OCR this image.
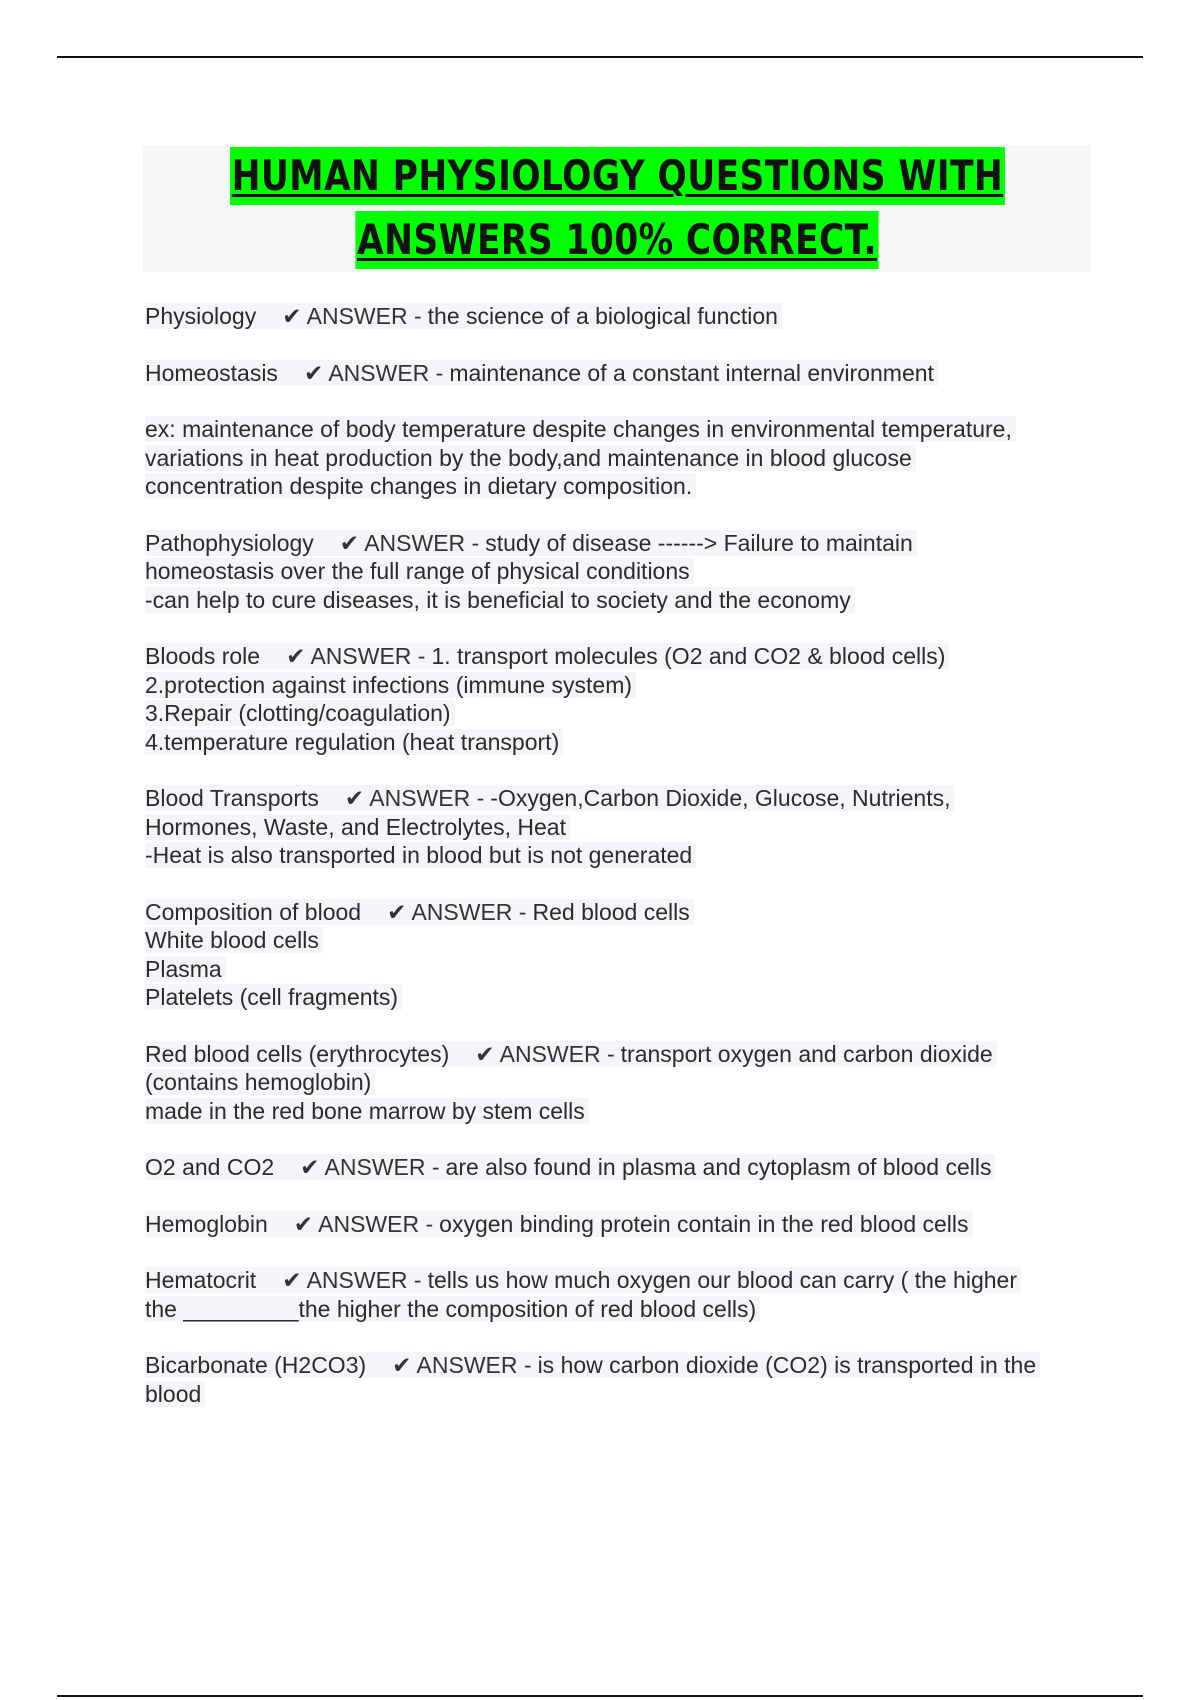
HUMAN PHYSIOLOGY QUESTIONS WITH
ANSWERS 100% CORRECT.
Physiology ✔ ANSWER -the science of a biological function
Homeostasis ✔ ANSWER -maintenance of a constant internal environment
ex: maintenance of body temperature despite changes in environmental temperature,
variations in heat production by the body,and maintenance in blood glucose
concentration despite changes in dietary composition.
Pathophysiology ✔ ANSWER -study of disease ------> Failure to maintain
homeostasis over the full range of physical conditions
-can help to cure diseases, it is beneficial to society and the economy
Bloods role ✔ ANSWER -1. transport molecules (O2 and CO2 & blood cells)
2.protection against infections (immune system)
3.Repair (clotting/coagulation)
4.temperature regulation (heat transport)
Blood Transports ✔ ANSWER --Oxygen,Carbon Dioxide, Glucose, Nutrients,
Hormones, Waste, and Electrolytes, Heat
-Heat is also transported in blood but is not generated
Composition of blood ✔ ANSWER -Red blood cells
White blood cells
Plasma
Platelets (cell fragments)
Red blood cells (erythrocytes) ✔ ANSWER -transport oxygen and carbon dioxide
(contains hemoglobin)
made in the red bone marrow by stem cells
O2 and CO2 ✔ ANSWER -are also found in plasma and cytoplasm of blood cells
Hemoglobin ✔ ANSWER -oxygen binding protein contain in the red blood cells
Hematocrit ✔ ANSWER -tells us how much oxygen our blood can carry ( the higher
the _________the higher the composition of red blood cells)
Bicarbonate (H2CO3) ✔ ANSWER -is how carbon dioxide (CO2) is transported in the
blood
